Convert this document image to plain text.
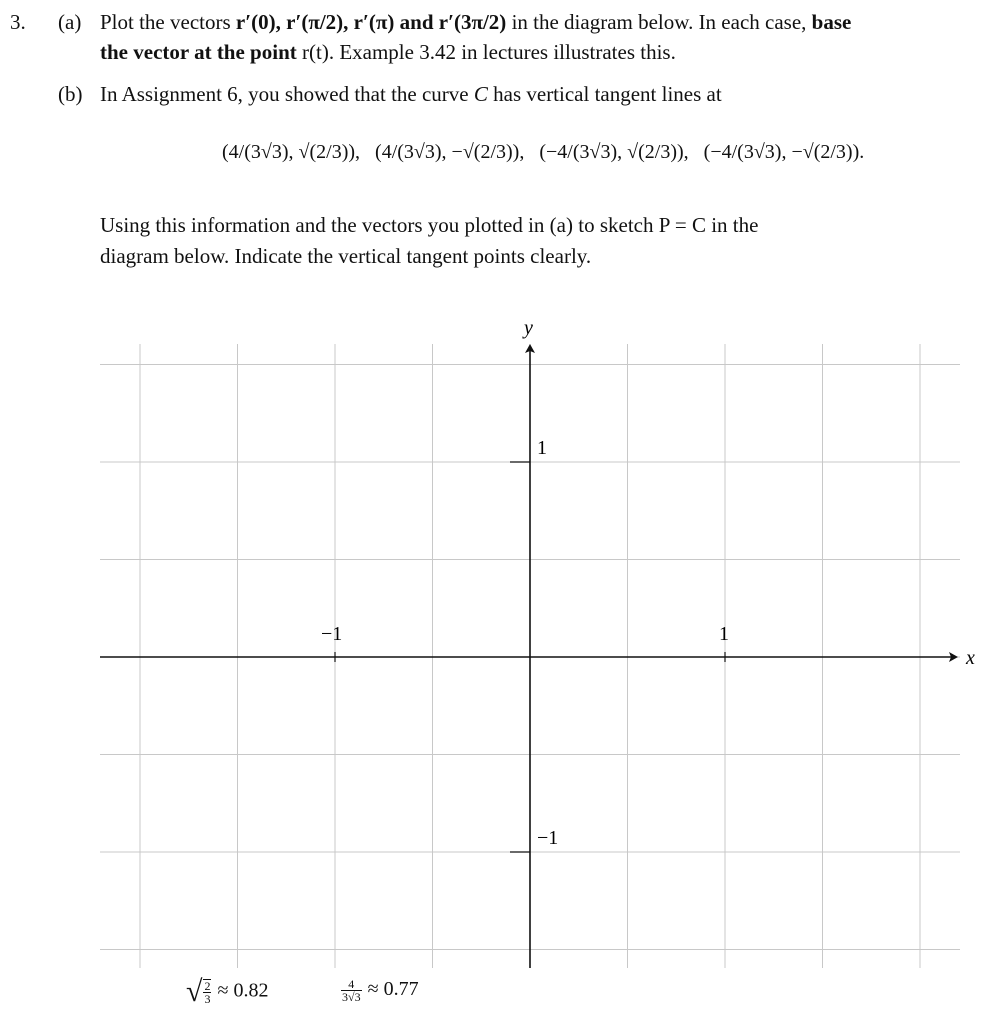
3. (a) Plot the vectors r′(0), r′(π/2), r′(π) and r′(3π/2) in the diagram below. In each case, base
the vector at the point r(t). Example 3.42 in lectures illustrates this.
(b) In Assignment 6, you showed that the curve C has vertical tangent lines at
(4/(3√3), √(2/3)),   (4/(3√3), −√(2/3)),   (−4/(3√3), √(2/3)),   (−4/(3√3), −√(2/3)).
Using this information and the vectors you plotted in (a) to sketch P = C in the
diagram below. Indicate the vertical tangent points clearly.
y
x
−1	1
1
−1
√ $\frac{2}{3} \approx 0.82$	$\frac{4}{3√3} \approx 0.77$
